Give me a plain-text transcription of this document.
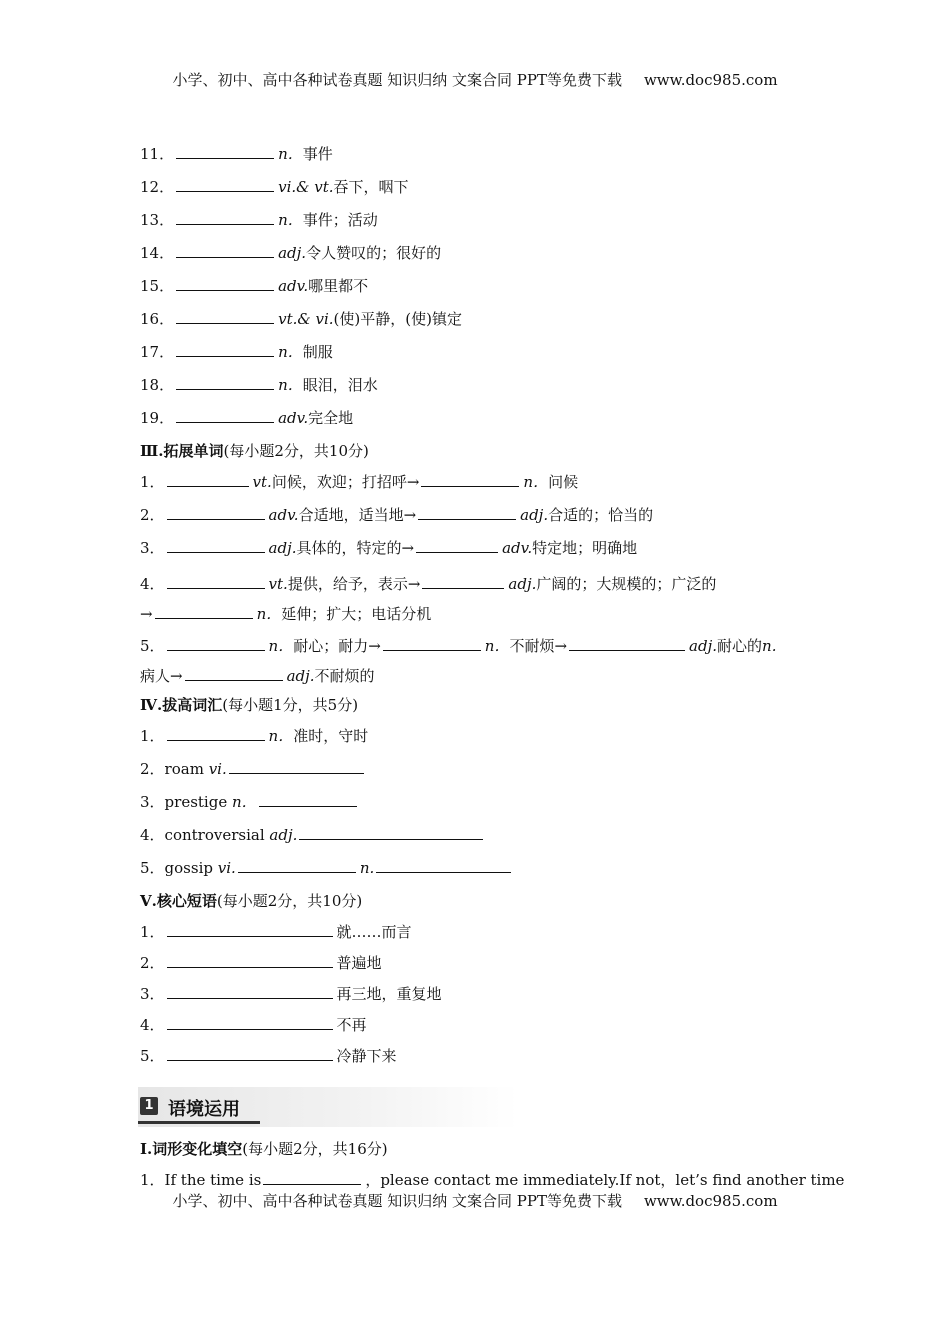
小学、初中、高中各种试卷真题 知识归纳 文案合同 PPT等免费下载 www.doc985.com
11．	n．事件
12．	vi.& vt.吞下，咽下
13．	n．事件；活动
14．	adj.令人赞叹的；很好的
15．	adv.哪里都不
16．	vt.& vi.(使)平静，(使)镇定
17．	n．制服
18．	n．眼泪，泪水
19．	adv.完全地
Ⅲ.拓展单词(每小题2分，共10分)
1．	vt.问候，欢迎；打招呼→	n．问候
2．	adv.合适地，适当地→	adj.合适的；恰当的
3．	adj.具体的，特定的→	adv.特定地；明确地
4．	vt.提供，给予，表示→	adj.广阔的；大规模的；广泛的
→	n．延伸；扩大；电话分机
5．	n．耐心；耐力→	n．不耐烦→	adj.耐心的n.
病人→	adj.不耐烦的
Ⅳ.拔高词汇(每小题1分，共5分)
1．	n．准时，守时
2．roam vi.
3．prestige n．
4．controversial adj.
5．gossip vi.	n.
Ⅴ.核心短语(每小题2分，共10分)
1．	就……而言
2．	普遍地
3．	再三地，重复地
4．	不再
5．	冷静下来
1 语境运用
Ⅰ.词形变化填空(每小题2分，共16分)
1．If the time is	，please contact me immediately.If not，let’s find another time
小学、初中、高中各种试卷真题 知识归纳 文案合同 PPT等免费下载 www.doc985.com
